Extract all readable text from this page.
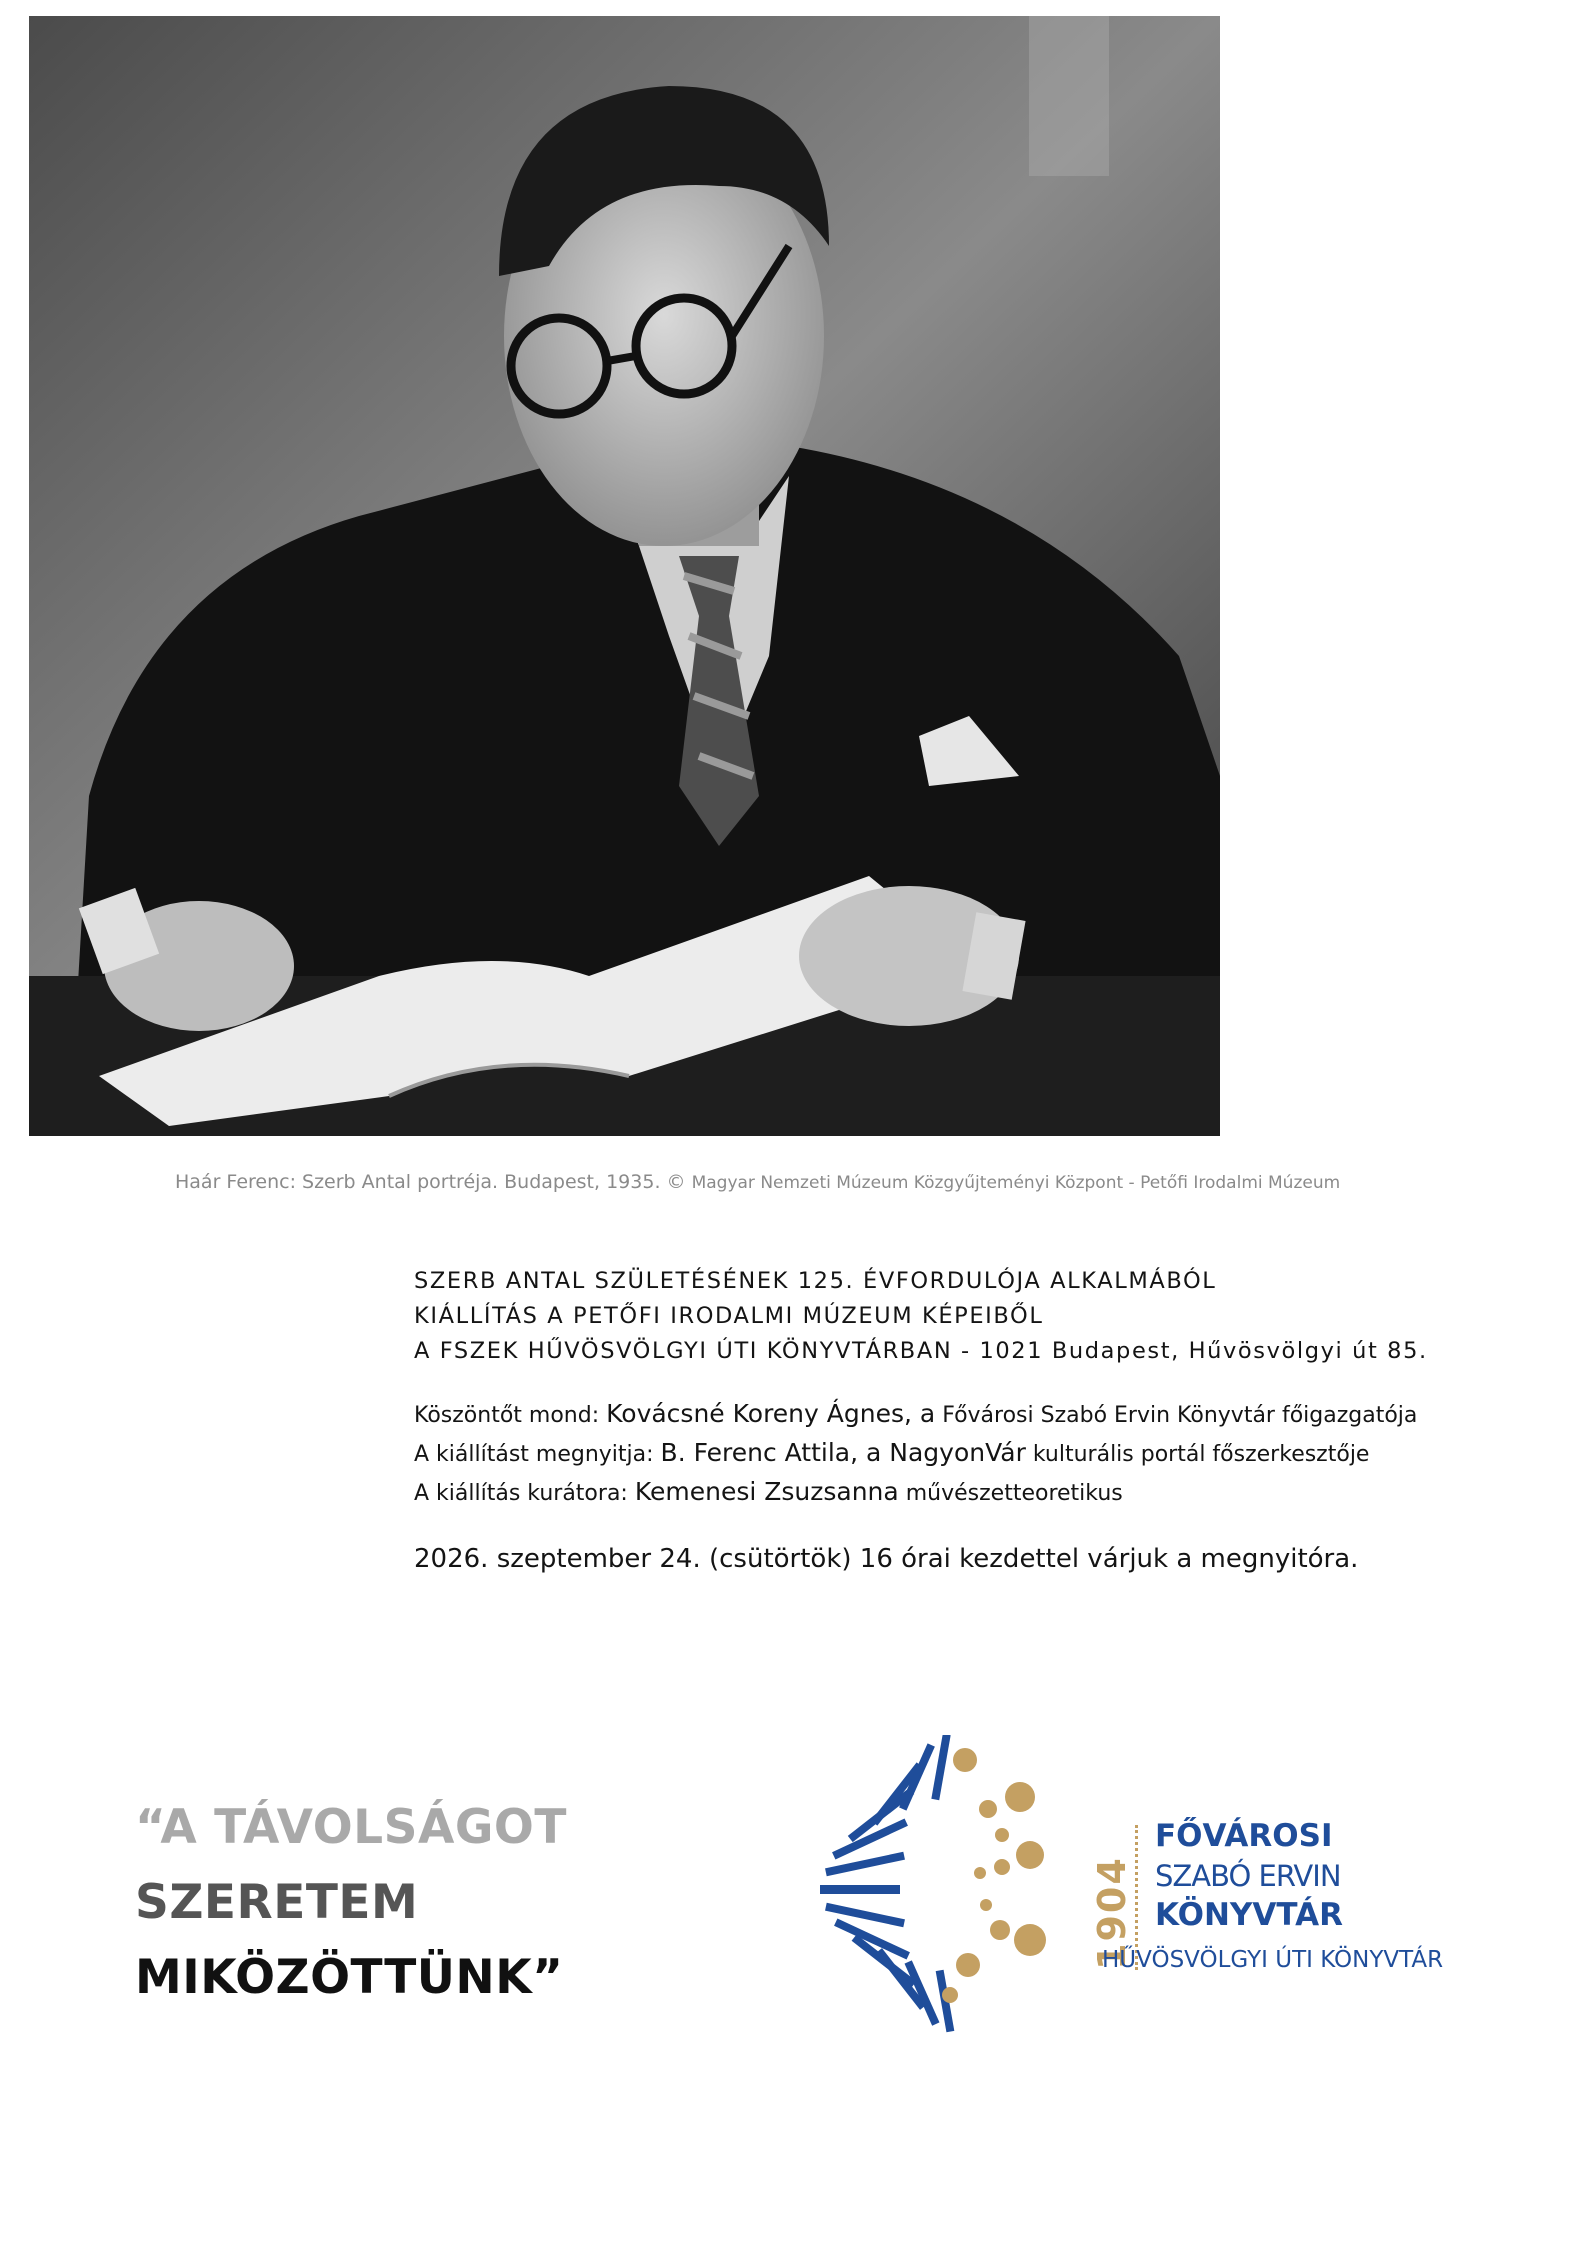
Haár Ferenc: Szerb Antal portréja. Budapest, 1935. © Magyar Nemzeti Múzeum Közgyűjteményi Központ - Petőfi Irodalmi Múzeum
SZERB ANTAL SZÜLETÉSÉNEK 125. ÉVFORDULÓJA ALKALMÁBÓL
KIÁLLÍTÁS A PETŐFI IRODALMI MÚZEUM KÉPEIBŐL
A FSZEK HŰVÖSVÖLGYI ÚTI KÖNYVTÁRBAN - 1021 Budapest, Hűvösvölgyi út 85.
Köszöntőt mond: Kovácsné Koreny Ágnes, a Fővárosi Szabó Ervin Könyvtár főigazgatója
A kiállítást megnyitja: B. Ferenc Attila, a NagyonVár kulturális portál főszerkesztője
A kiállítás kurátora: Kemenesi Zsuzsanna művészetteoretikus
2026. szeptember 24. (csütörtök) 16 órai kezdettel várjuk a megnyitóra.
“A TÁVOLSÁGOT
SZERETEM
MIKÖZÖTTÜNK”
1904
FŐVÁROSI
SZABÓ ERVIN
KÖNYVTÁR
HŰVÖSVÖLGYI ÚTI KÖNYVTÁR
